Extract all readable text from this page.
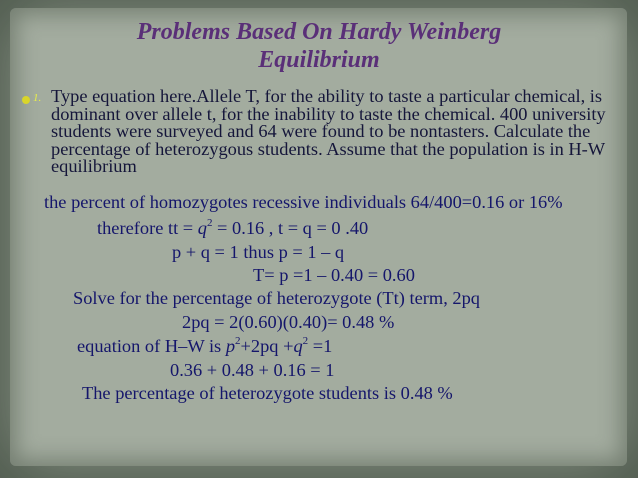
Problems Based On Hardy Weinberg
Equilibrium
1. Type equation here.Allele T, for the ability to taste a particular chemical, is dominant over allele t, for the inability to taste the chemical. 400 university students were surveyed and 64 were found to be nontasters. Calculate the percentage of heterozygous students. Assume that the population is in H-W equilibrium
the percent of homozygotes recessive individuals 64/400=0.16 or 16%
therefore tt = $q^2 = 0.16$ , t = q = 0 .40
p + q = 1 thus p = 1 – q
T= p =1 – 0.40 = 0.60
Solve for the percentage of heterozygote (Tt) term, 2pq
2pq = 2(0.60)(0.40)= 0.48 %
equation of H–W is $p^2+2pq +q^2 =1$
0.36 + 0.48 + 0.16 = 1
The percentage of heterozygote students is 0.48 %
